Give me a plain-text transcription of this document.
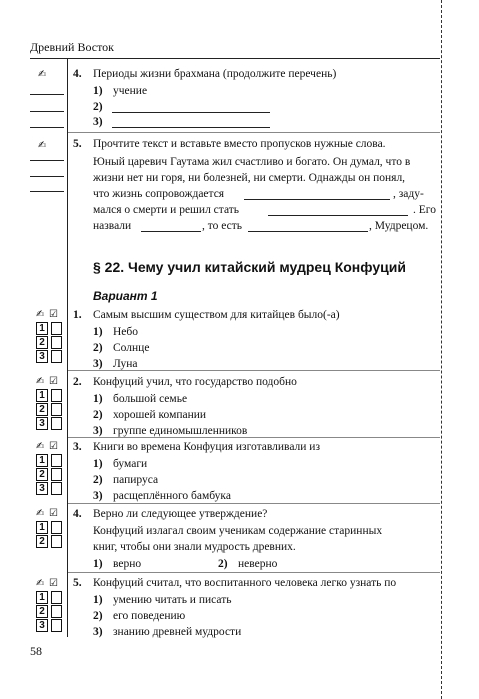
Древний Восток
✍ 4. Периоды жизни брахмана (продолжите перечень)
1) учение
2)
3)
✍ 5. Прочтите текст и вставьте вместо пропусков нужные слова.
Юный царевич Гаутама жил счастливо и богато. Он думал, что в
жизни нет ни горя, ни болезней, ни смерти. Однажды он понял,
что жизнь сопровождается	, заду-
мался о смерти и решил стать	. Его
назвали	, то есть	, Мудрецом.
§ 22. Чему учил китайский мудрец Конфуций
Вариант 1
✍ ☑
1
2
3
1. Самым высшим существом для китайцев было(-а)
1) Небо
2) Солнце
3) Луна
✍ ☑
1
2
3
2. Конфуций учил, что государство подобно
1) большой семье
2) хорошей компании
3) группе единомышленников
✍ ☑
1
2
3
3. Книги во времена Конфуция изготавливали из
1) бумаги
2) папируса
3) расщеплённого бамбука
✍ ☑
1
2
4. Верно ли следующее утверждение?
Конфуций излагал своим ученикам содержание старинных
книг, чтобы они знали мудрость древних.
1) верно	2) неверно
✍ ☑
1
2
3
5. Конфуций считал, что воспитанного человека легко узнать по
1) умению читать и писать
2) его поведению
3) знанию древней мудрости
58
